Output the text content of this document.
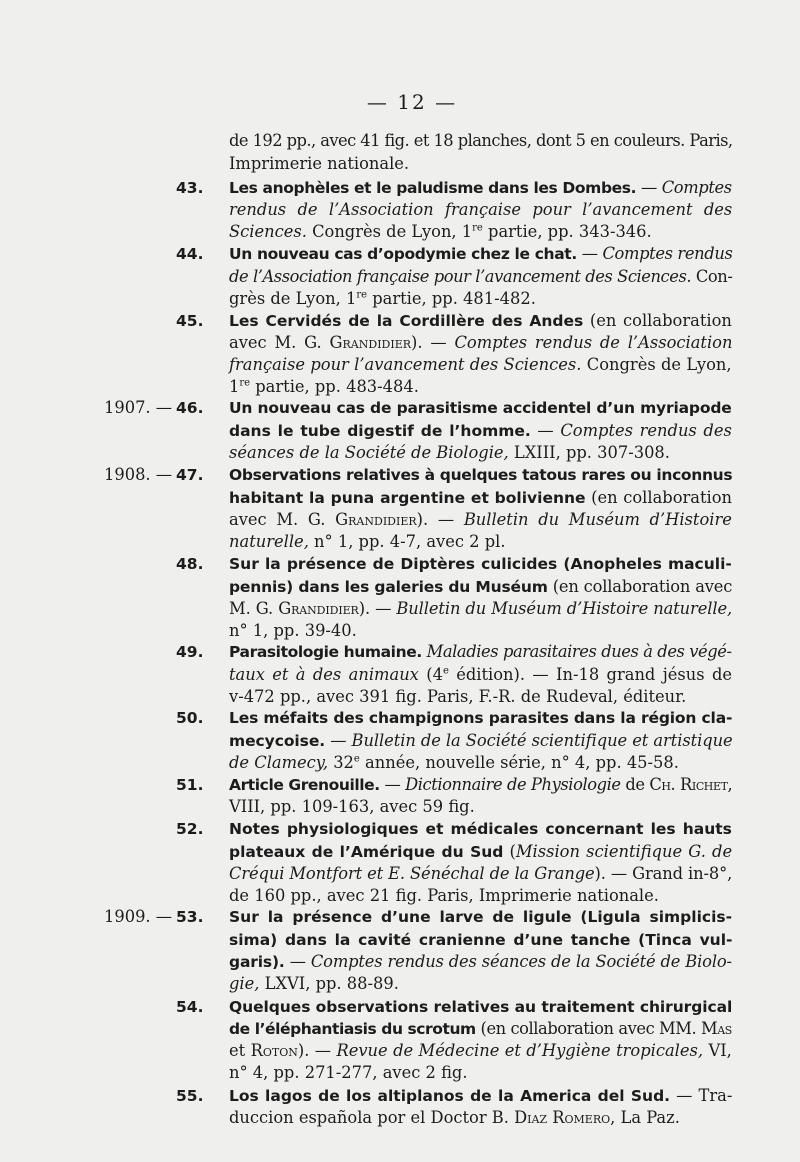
— 12 —
de 192 pp., avec 41 fig. et 18 planches, dont 5 en couleurs. Paris,
Imprimerie nationale.
43. Les anophèles et le paludisme dans les Dombes. — Comptes
rendus de l’Association française pour l’avancement des
Sciences. Congrès de Lyon, 1re partie, pp. 343-346.
44. Un nouveau cas d’opodymie chez le chat. — Comptes rendus
de l’Association française pour l’avancement des Sciences. Con-
grès de Lyon, 1re partie, pp. 481-482.
45. Les Cervidés de la Cordillère des Andes (en collaboration
avec M. G. Grandidier). — Comptes rendus de l’Association
française pour l’avancement des Sciences. Congrès de Lyon,
1re partie, pp. 483-484.
1907. — 46. Un nouveau cas de parasitisme accidentel d’un myriapode
dans le tube digestif de l’homme. — Comptes rendus des
séances de la Société de Biologie, LXIII, pp. 307-308.
1908. — 47. Observations relatives à quelques tatous rares ou inconnus
habitant la puna argentine et bolivienne (en collaboration
avec M. G. Grandidier). — Bulletin du Muséum d’Histoire
naturelle, n° 1, pp. 4-7, avec 2 pl.
48. Sur la présence de Diptères culicides (Anopheles maculi-
pennis) dans les galeries du Muséum (en collaboration avec
M. G. Grandidier). — Bulletin du Muséum d’Histoire naturelle,
n° 1, pp. 39-40.
49. Parasitologie humaine. Maladies parasitaires dues à des végé-
taux et à des animaux (4e édition). — In-18 grand jésus de
v-472 pp., avec 391 fig. Paris, F.-R. de Rudeval, éditeur.
50. Les méfaits des champignons parasites dans la région cla-
mecycoise. — Bulletin de la Société scientifique et artistique
de Clamecy, 32e année, nouvelle série, n° 4, pp. 45-58.
51. Article Grenouille. — Dictionnaire de Physiologie de Ch. Richet,
VIII, pp. 109-163, avec 59 fig.
52. Notes physiologiques et médicales concernant les hauts
plateaux de l’Amérique du Sud (Mission scientifique G. de
Créqui Montfort et E. Sénéchal de la Grange). — Grand in-8°,
de 160 pp., avec 21 fig. Paris, Imprimerie nationale.
1909. — 53. Sur la présence d’une larve de ligule (Ligula simplicis-
sima) dans la cavité cranienne d’une tanche (Tinca vul-
garis). — Comptes rendus des séances de la Société de Biolo-
gie, LXVI, pp. 88-89.
54. Quelques observations relatives au traitement chirurgical
de l’éléphantiasis du scrotum (en collaboration avec MM. Mas
et Roton). — Revue de Médecine et d’Hygiène tropicales, VI,
n° 4, pp. 271-277, avec 2 fig.
55. Los lagos de los altiplanos de la America del Sud. — Tra-
duccion española por el Doctor B. Diaz Romero, La Paz.
